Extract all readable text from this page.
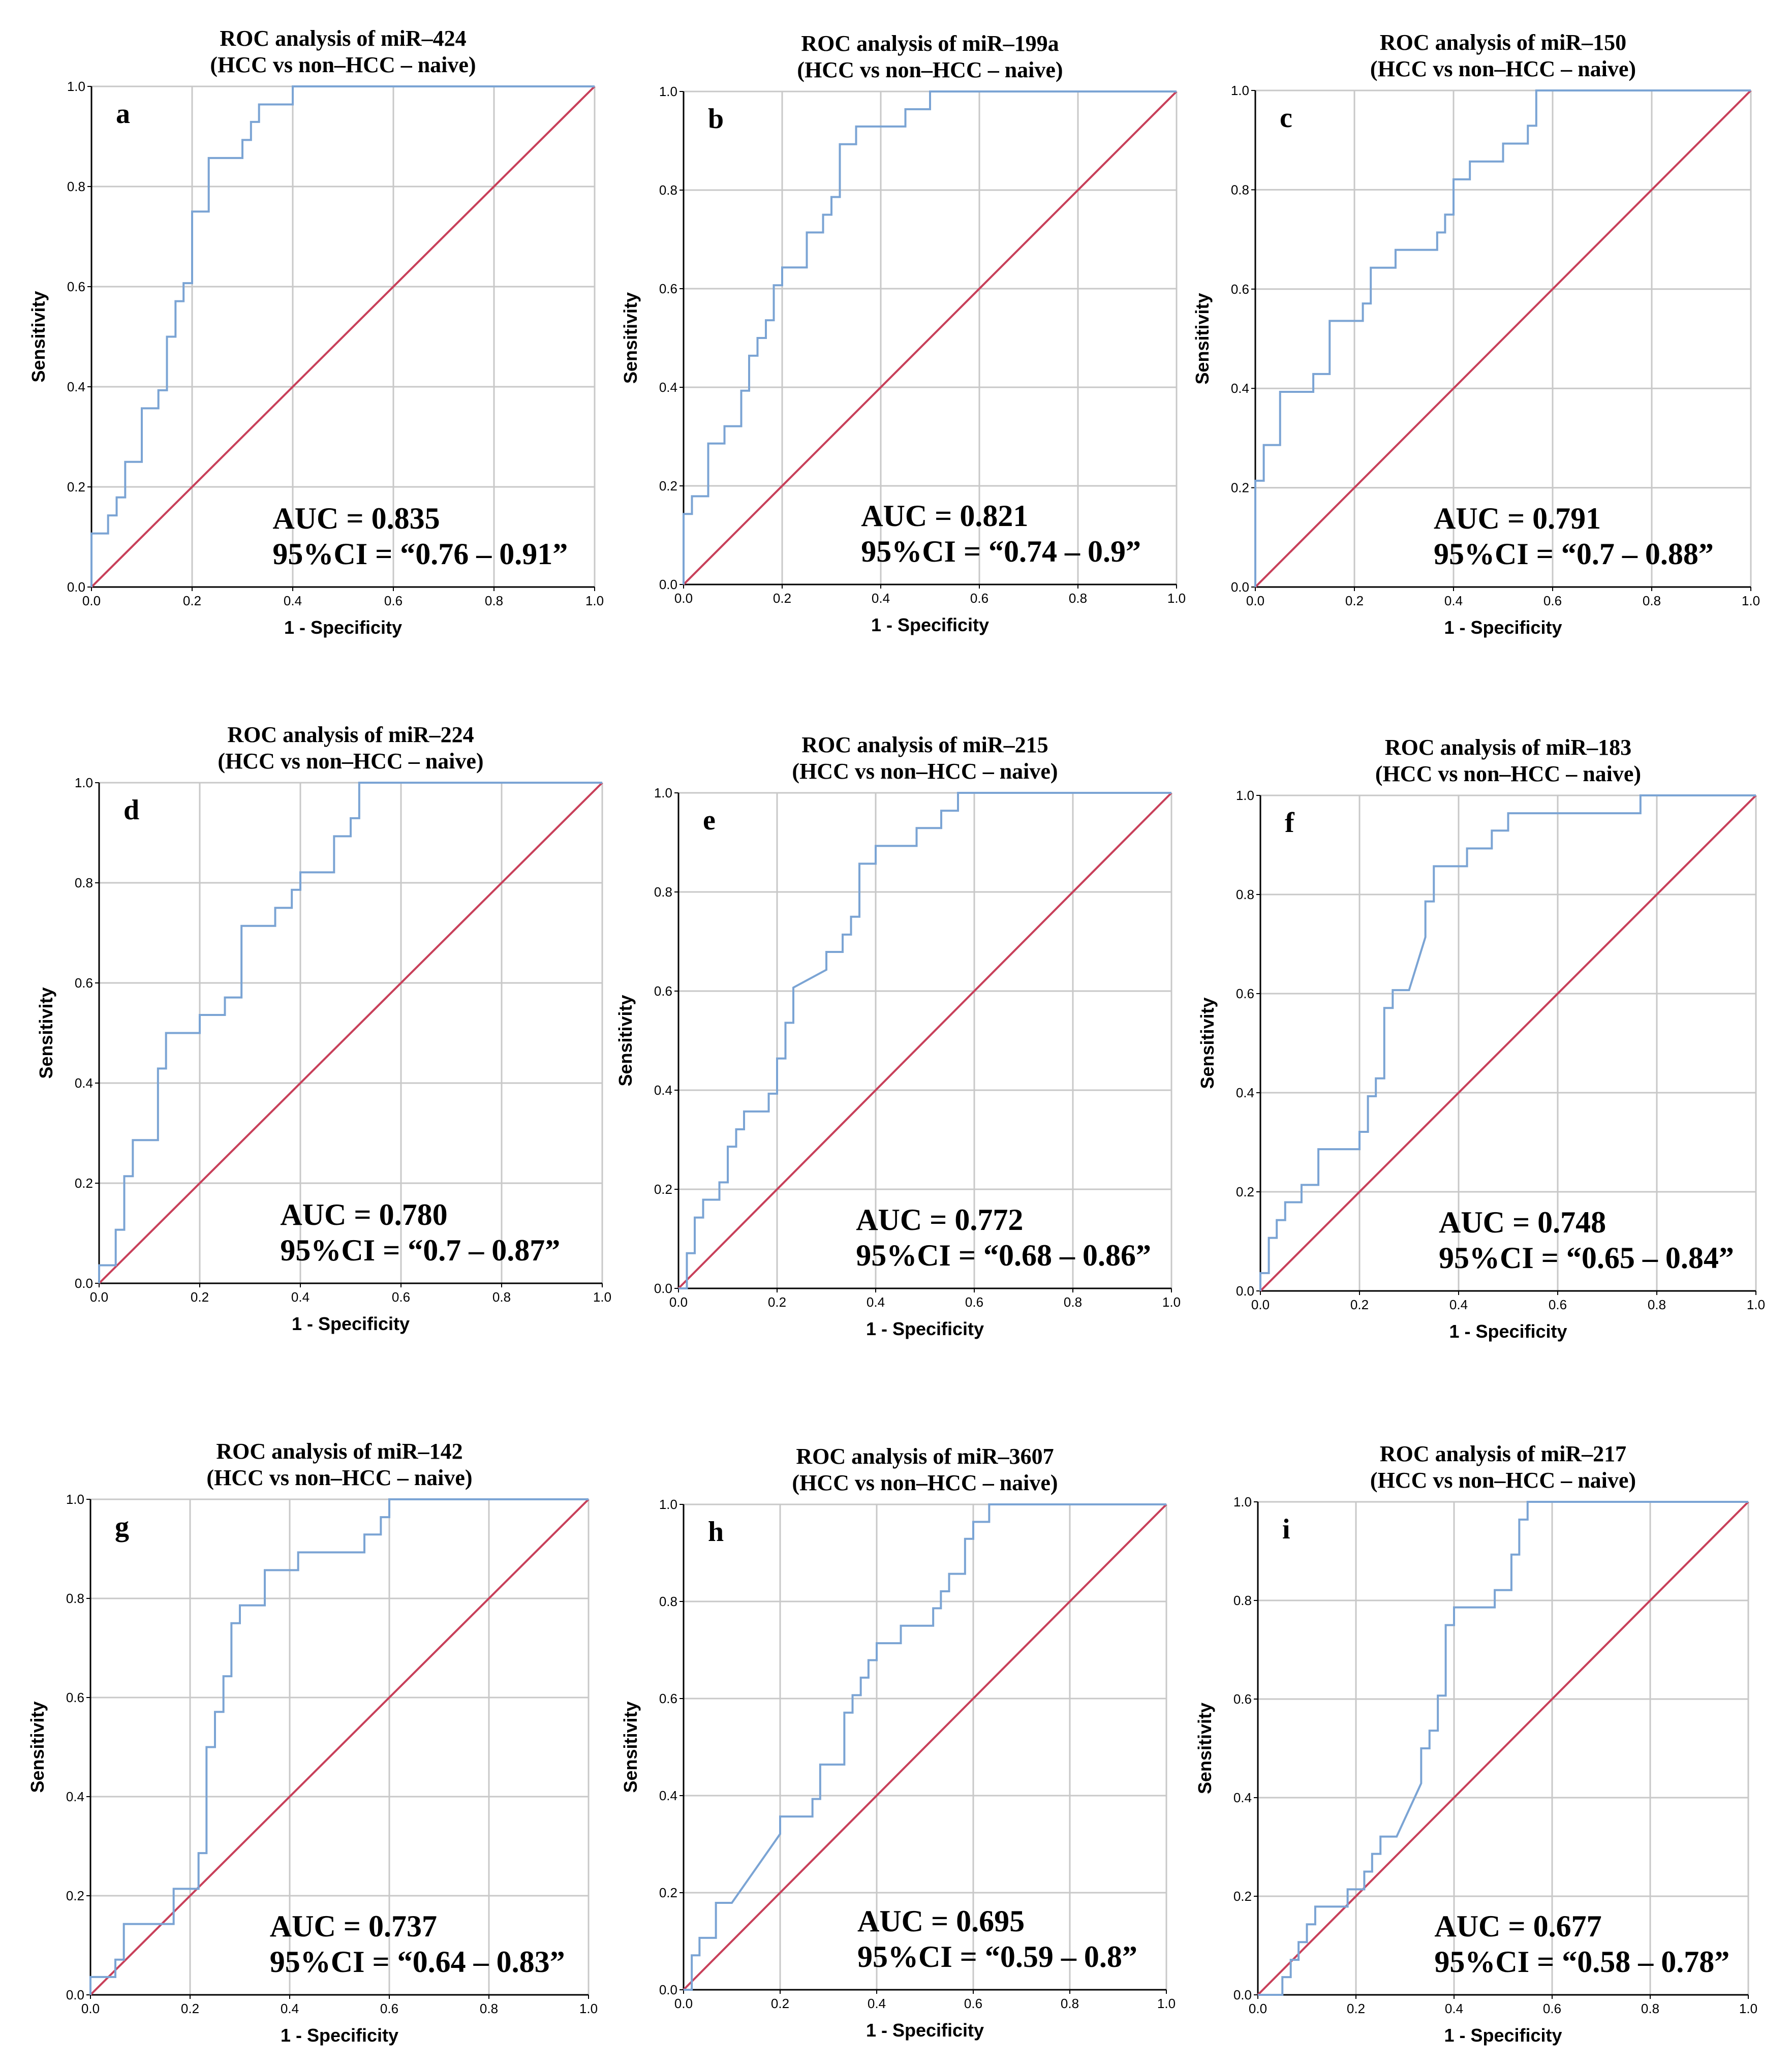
0.0	0.2	0.4	0.6	0.8	1.0
0.0
0.2
0.4
0.6
0.8
1.0
1 - Specificity
Sensitivity
ROC analysis of miR–424
(HCC vs non–HCC – naive)
a
AUC = 0.835
95%CI = “0.76 – 0.91”
0.0	0.2	0.4	0.6	0.8	1.0
0.0
0.2
0.4
0.6
0.8
1.0
1 - Specificity
Sensitivity
ROC analysis of miR–199a
(HCC vs non–HCC – naive)
b
AUC = 0.821
95%CI = “0.74 – 0.9”
0.0	0.2	0.4	0.6	0.8	1.0
0.0
0.2
0.4
0.6
0.8
1.0
1 - Specificity
Sensitivity
ROC analysis of miR–150
(HCC vs non–HCC – naive)
c
AUC = 0.791
95%CI = “0.7 – 0.88”
0.0	0.2	0.4	0.6	0.8	1.0
0.0
0.2
0.4
0.6
0.8
1.0
1 - Specificity
Sensitivity
ROC analysis of miR–224
(HCC vs non–HCC – naive)
d
AUC = 0.780
95%CI = “0.7 – 0.87”
0.0	0.2	0.4	0.6	0.8	1.0
0.0
0.2
0.4
0.6
0.8
1.0
1 - Specificity
Sensitivity
ROC analysis of miR–215
(HCC vs non–HCC – naive)
e
AUC = 0.772
95%CI = “0.68 – 0.86”
0.0	0.2	0.4	0.6	0.8	1.0
0.0
0.2
0.4
0.6
0.8
1.0
1 - Specificity
Sensitivity
ROC analysis of miR–183
(HCC vs non–HCC – naive)
f
AUC = 0.748
95%CI = “0.65 – 0.84”
0.0	0.2	0.4	0.6	0.8	1.0
0.0
0.2
0.4
0.6
0.8
1.0
1 - Specificity
Sensitivity
ROC analysis of miR–142
(HCC vs non–HCC – naive)
g
AUC = 0.737
95%CI = “0.64 – 0.83”
0.0	0.2	0.4	0.6	0.8	1.0
0.0
0.2
0.4
0.6
0.8
1.0
1 - Specificity
Sensitivity
ROC analysis of miR–3607
(HCC vs non–HCC – naive)
h
AUC = 0.695
95%CI = “0.59 – 0.8”
0.0	0.2	0.4	0.6	0.8	1.0
0.0
0.2
0.4
0.6
0.8
1.0
1 - Specificity
Sensitivity
ROC analysis of miR–217
(HCC vs non–HCC – naive)
i
AUC = 0.677
95%CI = “0.58 – 0.78”
